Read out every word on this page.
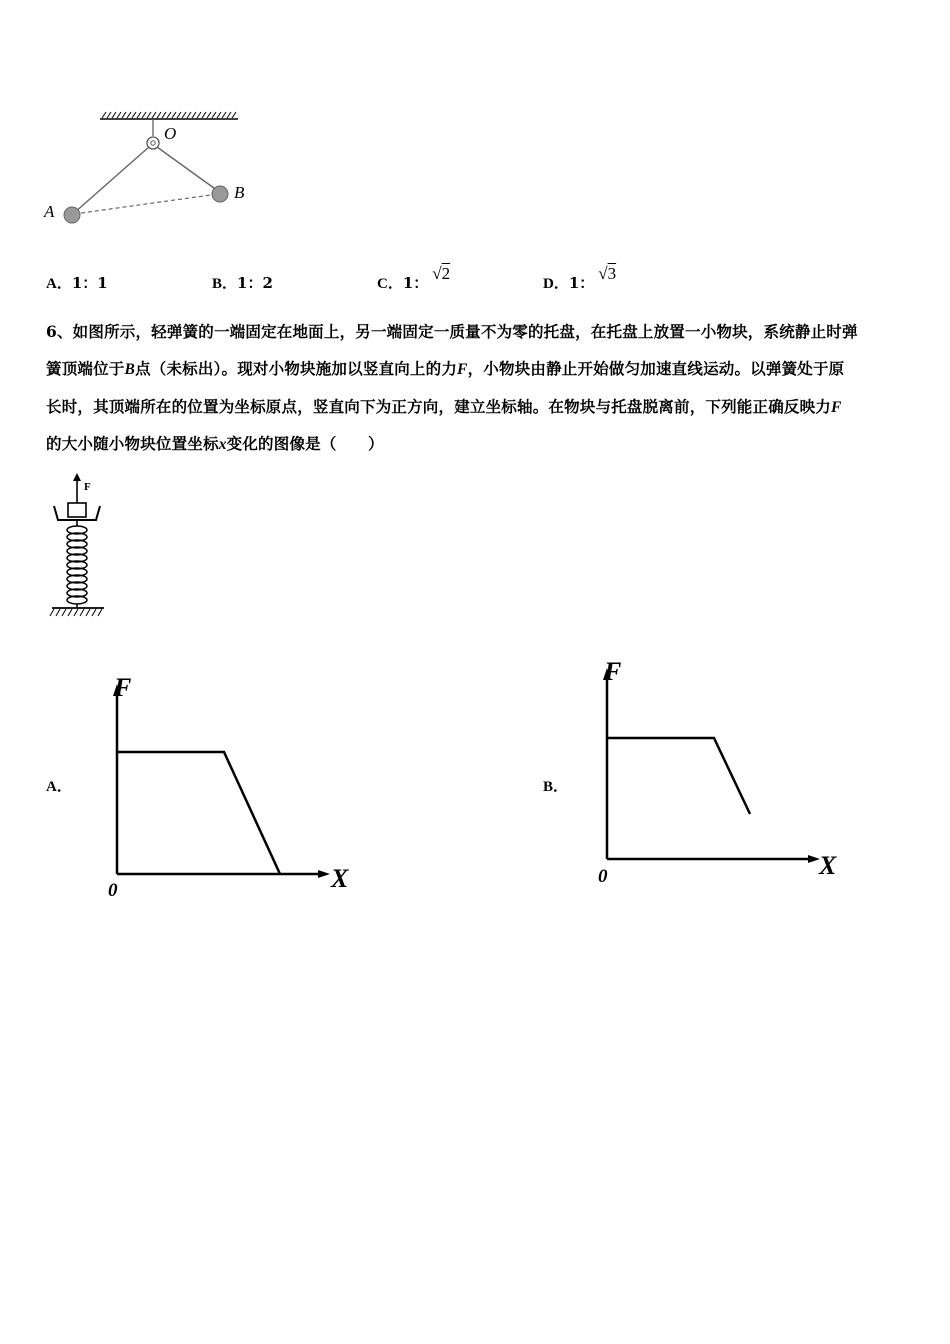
O
B
A
A．1：1	B．1：2	C．1： √2
D．1： √3
6、如图所示，轻弹簧的一端固定在地面上，另一端固定一质量不为零的托盘，在托盘上放置一小物块，系统静止时弹
簧顶端位于B点（未标出）。现对小物块施加以竖直向上的力F，小物块由静止开始做匀加速直线运动。以弹簧处于原
长时，其顶端所在的位置为坐标原点，竖直向下为正方向，建立坐标轴。在物块与托盘脱离前，下列能正确反映力F
的大小随小物块位置坐标x变化的图像是（　　）
F
A．
F
X
0
B．
F
X
0
